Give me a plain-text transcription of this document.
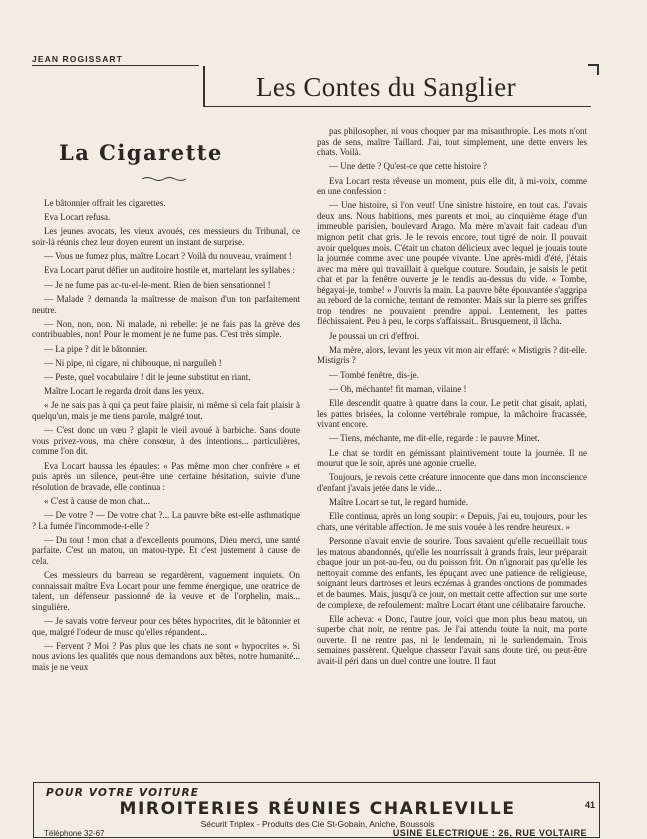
JEAN ROGISSART
Les Contes du Sanglier
La Cigarette

Le bâtonnier offrait les cigarettes.

Eva Locart refusa.

Les jeunes avocats, les vieux avoués, ces messieurs du Tribunal, ce soir-là réunis chez leur doyen eurent un instant de surprise.

— Vous ne fumez plus, maître Locart ? Voilà du nouveau, vraiment !

Eva Locart parut défier un auditoire hostile et, martelant les syllabes :

— Je ne fume pas ac-tu-el-le-ment. Rien de bien sensationnel !

— Malade ? demanda la maîtresse de maison d'un ton parfaitement neutre.

— Non, non, non. Ni malade, ni rebelle: je ne fais pas la grève des contribuables, non! Pour le moment je ne fume pas. C'est très simple.

— La pipe ? dit le bâtonnier.

— Ni pipe, ni cigare, ni chibouque, ni narguileh !

— Peste, quel vocabulaire ! dit le jeune substitut en riant.

Maître Locart le regarda droit dans les yeux.

« Je ne sais pas à qui ça peut faire plaisir, ni même si cela fait plaisir à quelqu'un, mais je me tiens parole, malgré tout.

— C'est donc un vœu ? glapit le vieil avoué à barbiche. Sans doute vous privez-vous, ma chère consœur, à des intentions... particulières, comme l'on dit.

Eva Locart haussa les épaules: « Pas même mon cher confrère » et puis après un silence, peut-être une certaine hésitation, suivie d'une résolution de bravade, elle continua :

« C'est à cause de mon chat...

— De votre ? — De votre chat ?... La pauvre bête est-elle asthmatique ? La fumée l'incommode-t-elle ?

— Du tout ! mon chat a d'excellents poumons, Dieu merci, une santé parfaite. C'est un matou, un matou-type. Et c'est justement à cause de cela.

Ces messieurs du barreau se regardèrent, vaguement inquiets. On connaissait maître Eva Locart pour une femme énergique, une oratrice de talent, un défenseur passionné de la veuve et de l'orphelin, mais... singulière.

— Je savais votre ferveur pour ces bêtes hypocrites, dit le bâtonnier et que, malgré l'odeur de musc qu'elles répandent...

— Fervent ? Moi ? Pas plus que les chats ne sont « hypocrites ». Si nous avions les qualités que nous demandons aux bêtes, notre humanité... mais je ne veux

pas philosopher, ni vous choquer par ma misanthropie. Les mots n'ont pas de sens, maître Taillard. J'ai, tout simplement, une dette envers les chats. Voilà.

— Une dette ? Qu'est-ce que cette histoire ?

Eva Locart resta rêveuse un moment, puis elle dit, à mi-voix, comme en une confession :

— Une histoire, si l'on veut! Une sinistre histoire, en tout cas. J'avais deux ans. Nous habitions, mes parents et moi, au cinquième étage d'un immeuble parisien, boulevard Arago. Ma mère m'avait fait cadeau d'un mignon petit chat gris. Je le revois encore, tout tigré de noir. Il pouvait avoir quelques mois. C'était un chaton délicieux avec lequel je jouais toute la journée comme avec une poupée vivante. Une après-midi d'été, j'étais avec ma mère qui travaillait à quelque couture. Soudain, je saisis le petit chat et par la fenêtre ouverte je le tendis au-dessus du vide. « Tombe, bégayai-je, tombe! » J'ouvris la main. La pauvre bête épouvantée s'aggripa au rebord de la corniche, tentant de remonter. Mais sur la pierre ses griffes trop tendres ne pouvaient prendre appui. Lentement, les pattes fléchissaient. Peu à peu, le corps s'affaissait.. Brusquement, il lâcha.

Je poussai un cri d'effroi.

Ma mère, alors, levant les yeux vit mon air effaré: « Mistigris ? dit-elle. Mistigris ?

— Tombé fenêtre, dis-je.

— Oh, méchante! fit maman, vilaine !

Elle descendit quatre à quatre dans la cour. Le petit chat gisait, aplati, les pattes brisées, la colonne vertébrale rompue, la mâchoire fracassée, vivant encore.

— Tiens, méchante, me dit-elle, regarde : le pauvre Minet.

Le chat se tordit en gémissant plaintivement toute la journée. Il ne mourut que le soir, après une agonie cruelle.

Toujours, je revois cette créature innocente que dans mon inconscience d'enfant j'avais jetée dans le vide...

Maître Locart se tut, le regard humide.

Elle continua, après un long soupir: « Depuis, j'ai eu, toujours, pour les chats, une véritable affection. Je me suis vouée à les rendre heureux. »

Personne n'avait envie de sourire. Tous savaient qu'elle recueillait tous les matous abandonnés, qu'elle les nourrissait à grands frais, leur préparait chaque jour un pot-au-feu, ou du poisson frit. On n'ignorait pas qu'elle les nettoyait comme des enfants, les épuçant avec une patience de religieuse, soignant leurs dartroses et leurs eczémas à grandes onctions de pommades et de baumes. Mais, jusqu'à ce jour, on mettait cette affection sur une sorte de complexe, de refoulement: maître Locart étant une célibataire farouche.

Elle acheva: « Donc, l'autre jour, voici que mon plus beau matou, un superbe chat noir, ne rentre pas. Je l'ai attendu toute la nuit, ma porte ouverte. Il ne rentre pas, ni le lendemain, ni le surlendemain. Trois semaines passèrent. Quelque chasseur l'avait sans doute tiré, ou peut-être avait-il péri dans un duel contre une loutre. Il faut

POUR VOTRE VOITURE
MIROITERIES RÉUNIES CHARLEVILLE
Sécurit Triplex - Produits des Cie St-Gobain, Aniche, Boussois
Téléphone 32-67	USINE ELECTRIQUE : 26, RUE VOLTAIRE
41
